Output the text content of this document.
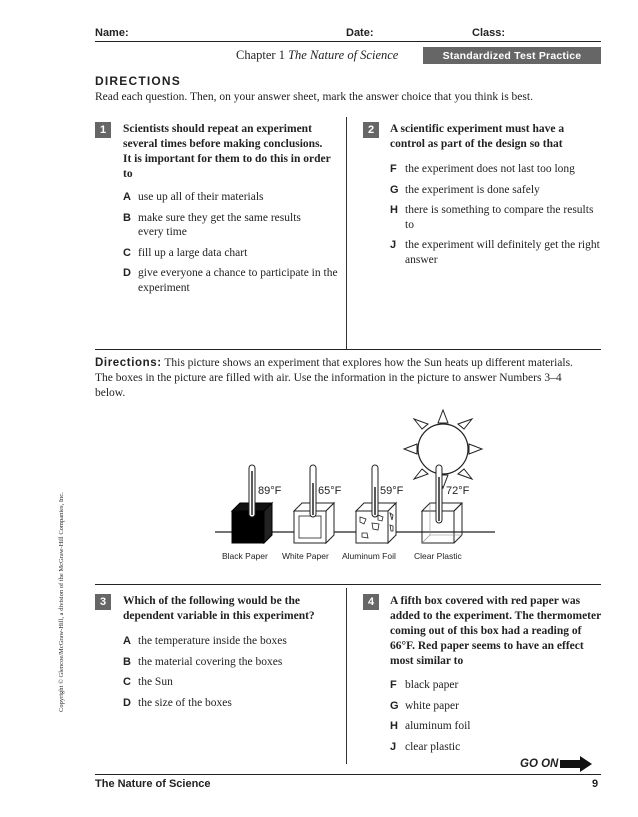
Name:	Date:	Class:
Chapter 1 The Nature of Science	Standardized Test Practice
DIRECTIONS
Read each question. Then, on your answer sheet, mark the answer choice that you think is best.
1	Scientists should repeat an experiment several times before making conclusions. It is important for them to do this in order to
A use up all of their materials
B make sure they get the same results every time
C fill up a large data chart
D give everyone a chance to participate in the experiment
2	A scientific experiment must have a control as part of the design so that
F the experiment does not last too long
G the experiment is done safely
H there is something to compare the results to
J the experiment will definitely get the right answer
Directions: This picture shows an experiment that explores how the Sun heats up different materials. The boxes in the picture are filled with air. Use the information in the picture to answer Numbers 3–4 below.
89°F	65°F	59°F	72°F
Black Paper White Paper Aluminum Foil Clear Plastic
3	Which of the following would be the dependent variable in this experiment?
A the temperature inside the boxes
B the material covering the boxes
C the Sun
D the size of the boxes
4	A fifth box covered with red paper was added to the experiment. The thermometer coming out of this box had a reading of 66°F. Red paper seems to have an effect most similar to
F black paper
G white paper
H aluminum foil
J clear plastic
GO ON
The Nature of Science	9
Copyright © Glencoe/McGraw-Hill, a division of the McGraw-Hill Companies, Inc.
